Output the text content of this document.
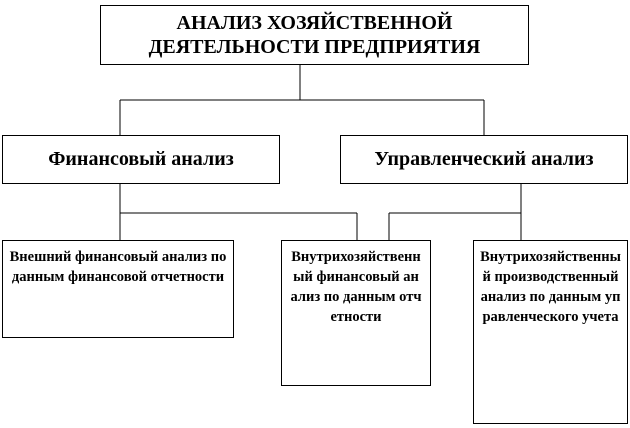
АНАЛИЗ ХОЗЯЙСТВЕННОЙ
ДЕЯТЕЛЬНОСТИ ПРЕДПРИЯТИЯ
Финансовый анализ	Управленческий анализ
Внешний финансовый анализ по данным финансовой отчетности
Внутрихозяйственный финансовый анализ по данным отчетности
Внутрихозяйственный производственный анализ по данным управленческого учета
